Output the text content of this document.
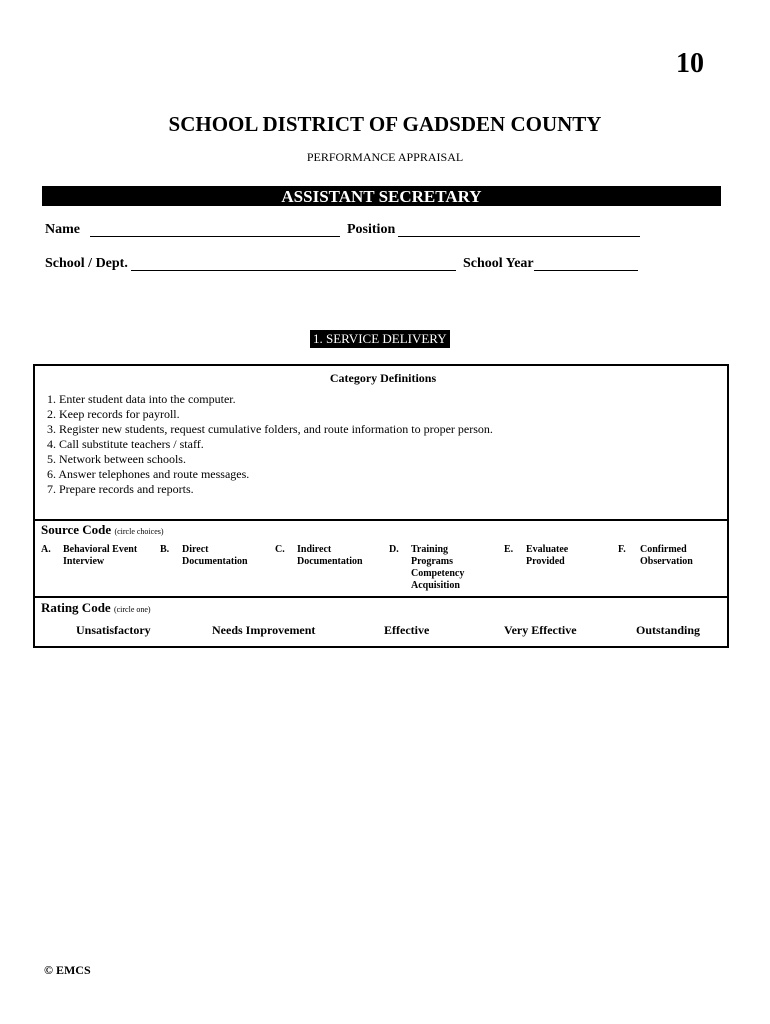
10
SCHOOL DISTRICT OF GADSDEN COUNTY
PERFORMANCE APPRAISAL
ASSISTANT SECRETARY
Name	Position
School / Dept.	School Year
1. SERVICE DELIVERY
Category Definitions
1. Enter student data into the computer.
2. Keep records for payroll.
3. Register new students, request cumulative folders, and route information to proper person.
4. Call substitute teachers / staff.
5. Network between schools.
6. Answer telephones and route messages.
7. Prepare records and reports.
Source Code (circle choices)
A. Behavioral Event
Interview
B. Direct
Documentation
C. Indirect
Documentation
D. Training
Programs
Competency
Acquisition
E. Evaluatee
Provided
F. Confirmed
Observation
Rating Code (circle one)
Unsatisfactory	Needs Improvement	Effective	Very Effective	Outstanding
© EMCS
